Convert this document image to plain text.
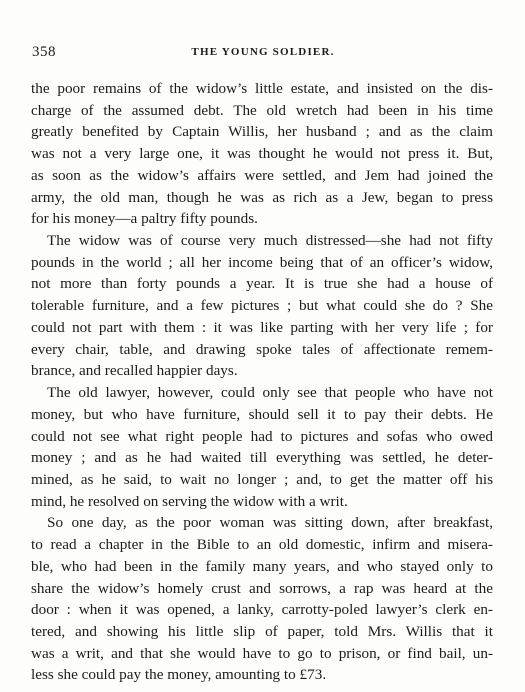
358	THE YOUNG SOLDIER.
the poor remains of the widow’s little estate, and insisted on the dis-
charge of the assumed debt. The old wretch had been in his time
greatly benefited by Captain Willis, her husband ; and as the claim
was not a very large one, it was thought he would not press it. But,
as soon as the widow’s affairs were settled, and Jem had joined the
army, the old man, though he was as rich as a Jew, began to press
for his money—a paltry fifty pounds.
The widow was of course very much distressed—she had not fifty
pounds in the world ; all her income being that of an officer’s widow,
not more than forty pounds a year. It is true she had a house of
tolerable furniture, and a few pictures ; but what could she do ? She
could not part with them : it was like parting with her very life ; for
every chair, table, and drawing spoke tales of affectionate remem-
brance, and recalled happier days.
The old lawyer, however, could only see that people who have not
money, but who have furniture, should sell it to pay their debts. He
could not see what right people had to pictures and sofas who owed
money ; and as he had waited till everything was settled, he deter-
mined, as he said, to wait no longer ; and, to get the matter off his
mind, he resolved on serving the widow with a writ.
So one day, as the poor woman was sitting down, after breakfast,
to read a chapter in the Bible to an old domestic, infirm and misera-
ble, who had been in the family many years, and who stayed only to
share the widow’s homely crust and sorrows, a rap was heard at the
door : when it was opened, a lanky, carrotty-poled lawyer’s clerk en-
tered, and showing his little slip of paper, told Mrs. Willis that it
was a writ, and that she would have to go to prison, or find bail, un-
less she could pay the money, amounting to £73.
